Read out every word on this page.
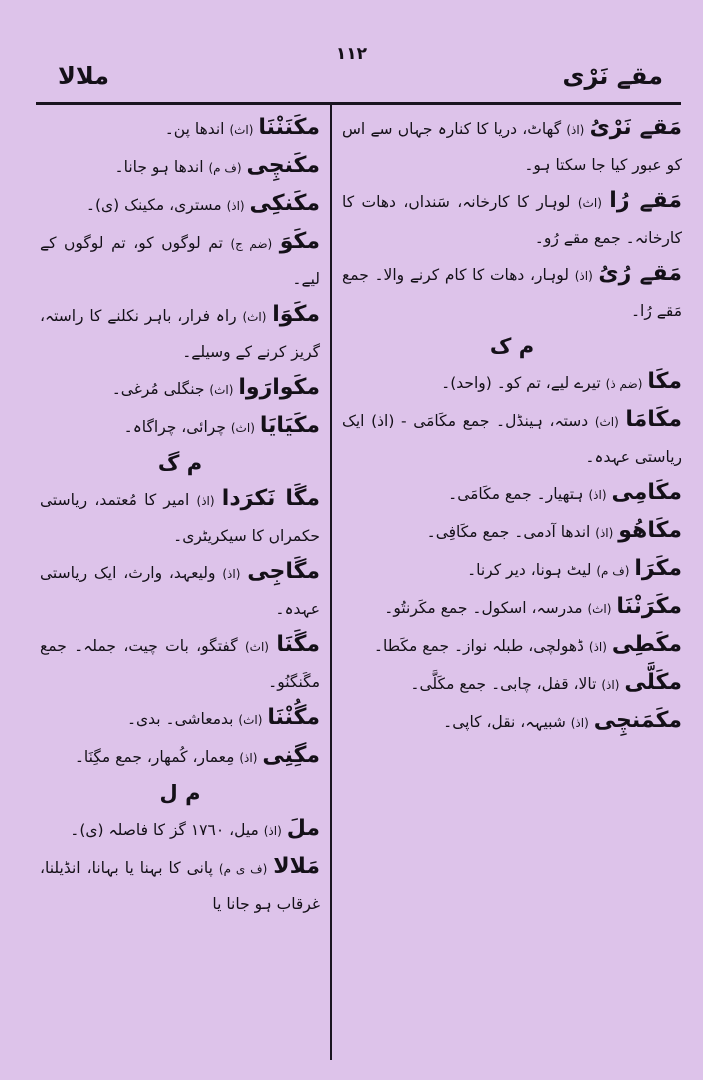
١١٢
مقے نَرْی
ملالا

مَقے نَرْیُ (اذ) گھاٹ، دریا کا کنارہ جہاں سے اس کو عبور کیا جا سکتا ہو۔

مَقے رُا (اث) لوہار کا کارخانہ، سَنداں، دھات کا کارخانہ۔ جمع مقے رُو۔

مَقے رُیُ (اذ) لوہار، دھات کا کام کرنے والا۔ جمع مَقے رُا۔

م ک

مکَا (ضم ذ) تیرے لیے، تم کو۔ (واحد)۔

مکَامَا (اث) دستہ، ہینڈل۔ جمع مکَامَی - (اذ) ایک ریاستی عہدہ۔

مکَامِی (اذ) ہتھیار۔ جمع مکَامَی۔

مکَاھُو (اذ) اندھا آدمی۔ جمع مکَافِی۔

مکَرَا (ف م) لیٹ ہونا، دیر کرنا۔

مکَرَنْنَا (اث) مدرسہ، اسکول۔ جمع مکَرنتُو۔

مکَطِی (اذ) ڈھولچی، طبلہ نواز۔ جمع مکَطا۔

مکَلَّی (اذ) تالا، قفل، چابی۔ جمع مکَلَّی۔

مکَمَنچِی (اذ) شبیہہ، نقل، کاپی۔

مکَنَنْنَا (اث) اندھا پن۔

مکَنچِی (ف م) اندھا ہو جانا۔

مکَنکِی (اذ) مستری، مکینک (ی)۔

مکَوَ (ضم ج) تم لوگوں کو، تم لوگوں کے لیے۔

مکَوَا (اث) راہ فرار، باہر نکلنے کا راستہ، گریز کرنے کے وسیلے۔

مکَوارَوا (اث) جنگلی مُرغی۔

مکَیَایَا (اث) چرائی، چراگاہ۔

م گ

مگَا نَکرَدا (اذ) امیر کا مُعتمد، ریاستی حکمراں کا سیکریٹری۔

مگَاجِی (اذ) ولیعہد، وارث، ایک ریاستی عہدہ۔

مگَنَا (اث) گفتگو، بات چیت، جملہ۔ جمع مگَنگنُو۔

مگُنْنَا (اث) بدمعاشی۔ بدی۔

مگِنِی (اذ) مِعمار، کُمھار، جمع مگِنَا۔

م ل

ملَ (اذ) میل، ١٧٦٠ گز کا فاصلہ (ی)۔

مَلالا (ف ی م) پانی کا بہنا یا بہانا، انڈیلنا، غرقاب ہو جانا یا
